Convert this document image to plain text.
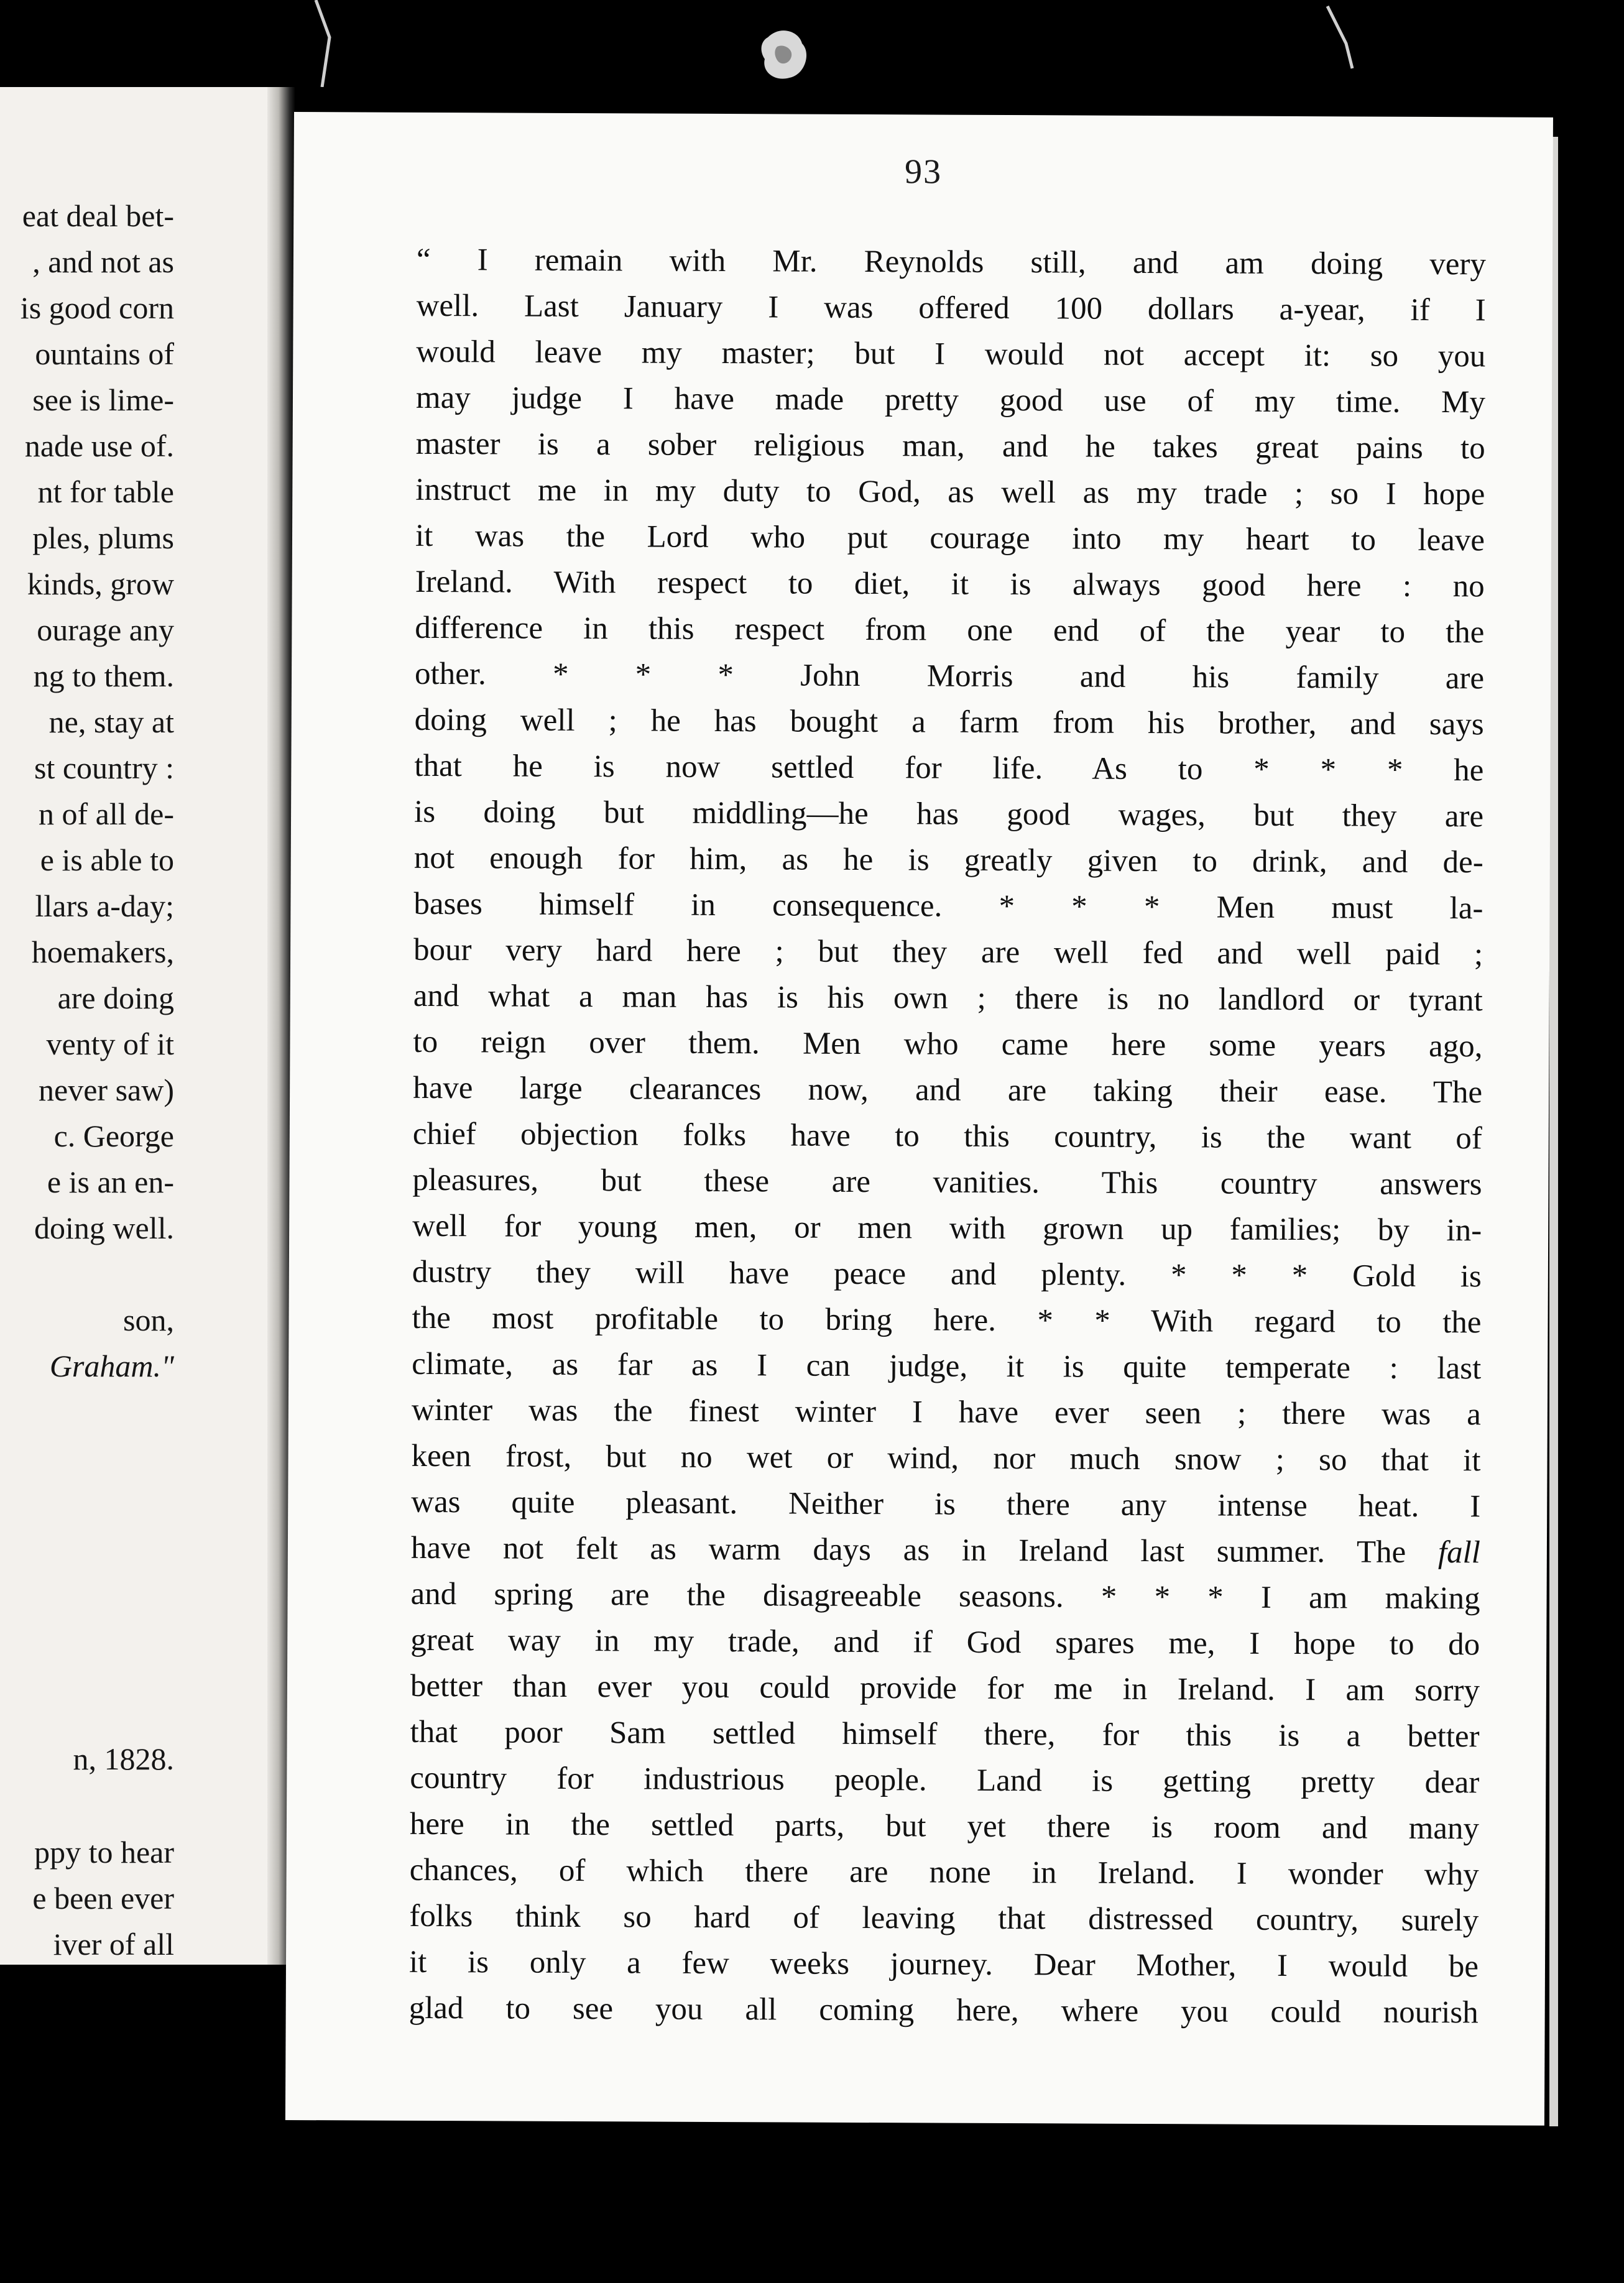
eat deal bet-
, and not as
is good corn
ountains of
see is lime-
nade use of.
nt for table
ples, plums
kinds, grow
ourage any
ng to them.
ne, stay at
st country :
n of all de-
e is able to
llars a-day;
hoemakers,
are doing
venty of it
never saw)
c. George
e is an en-
doing well.
son,
Graham."
n, 1828.
ppy to hear
e been ever
iver of all
93
“ I remain with Mr. Reynolds still, and am doing very
well. Last January I was offered 100 dollars a-year, if I
would leave my master; but I would not accept it: so you
may judge I have made pretty good use of my time. My
master is a sober religious man, and he takes great pains to
instruct me in my duty to God, as well as my trade ; so I hope
it was the Lord who put courage into my heart to leave
Ireland. With respect to diet, it is always good here : no
difference in this respect from one end of the year to the
other. * * * John Morris and his family are
doing well ; he has bought a farm from his brother, and says
that he is now settled for life. As to * * * he
is doing but middling—he has good wages, but they are
not enough for him, as he is greatly given to drink, and de-
bases himself in consequence. * * * Men must la-
bour very hard here ; but they are well fed and well paid ;
and what a man has is his own ; there is no landlord or tyrant
to reign over them. Men who came here some years ago,
have large clearances now, and are taking their ease. The
chief objection folks have to this country, is the want of
pleasures, but these are vanities. This country answers
well for young men, or men with grown up families; by in-
dustry they will have peace and plenty. * * * Gold is
the most profitable to bring here. * * With regard to the
climate, as far as I can judge, it is quite temperate : last
winter was the finest winter I have ever seen ; there was a
keen frost, but no wet or wind, nor much snow ; so that it
was quite pleasant. Neither is there any intense heat. I
have not felt as warm days as in Ireland last summer. The fall
and spring are the disagreeable seasons. * * * I am making
great way in my trade, and if God spares me, I hope to do
better than ever you could provide for me in Ireland. I am sorry
that poor Sam settled himself there, for this is a better
country for industrious people. Land is getting pretty dear
here in the settled parts, but yet there is room and many
chances, of which there are none in Ireland. I wonder why
folks think so hard of leaving that distressed country, surely
it is only a few weeks journey. Dear Mother, I would be
glad to see you all coming here, where you could nourish
